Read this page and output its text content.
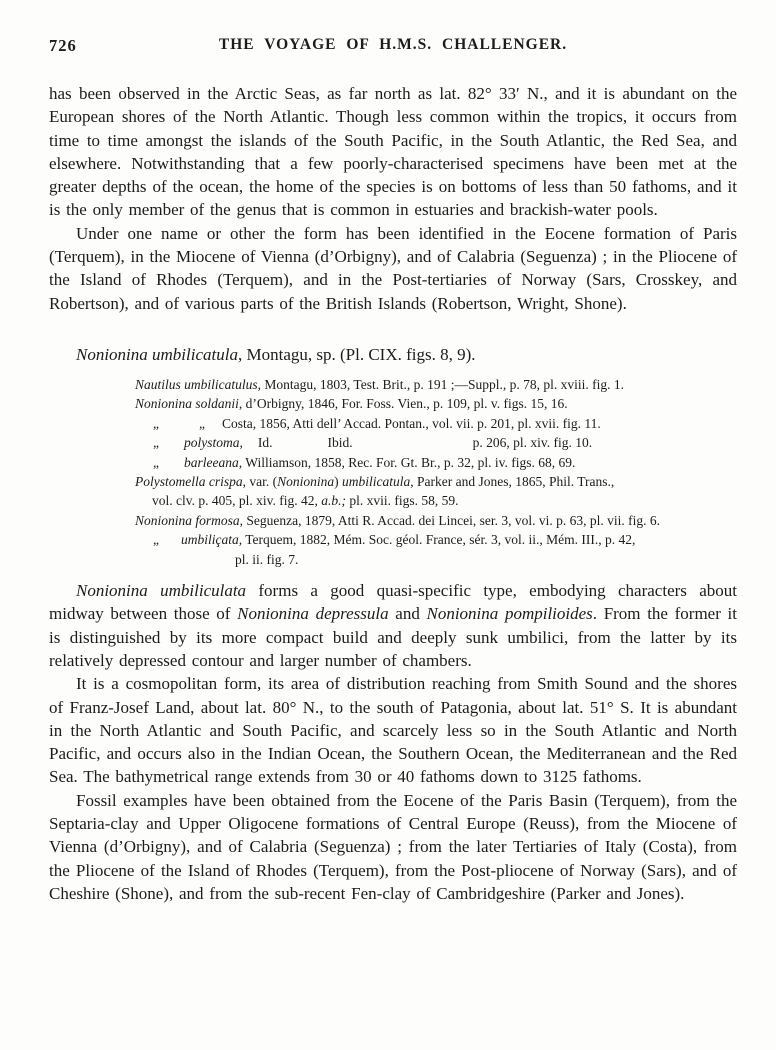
726	THE VOYAGE OF H.M.S. CHALLENGER.

has been observed in the Arctic Seas, as far north as lat. 82° 33′ N., and it is abundant on the European shores of the North Atlantic. Though less common within the tropics, it occurs from time to time amongst the islands of the South Pacific, in the South Atlantic, the Red Sea, and elsewhere. Notwithstanding that a few poorly-characterised specimens have been met at the greater depths of the ocean, the home of the species is on bottoms of less than 50 fathoms, and it is the only member of the genus that is common in estuaries and brackish-water pools.

Under one name or other the form has been identified in the Eocene formation of Paris (Terquem), in the Miocene of Vienna (d’Orbigny), and of Calabria (Seguenza) ; in the Pliocene of the Island of Rhodes (Terquem), and in the Post-tertiaries of Norway (Sars, Crosskey, and Robertson), and of various parts of the British Islands (Robertson, Wright, Shone).

Nonionina umbilicatula, Montagu, sp. (Pl. CIX. figs. 8, 9).
Nautilus umbilicatulus, Montagu, 1803, Test. Brit., p. 191 ;—Suppl., p. 78, pl. xviii. fig. 1.
Nonionina soldanii, d’Orbigny, 1846, For. Foss. Vien., p. 109, pl. v. figs. 15, 16.
„	„ Costa, 1856, Atti dell’ Accad. Pontan., vol. vii. p. 201, pl. xvii. fig. 11.
„ polystoma, Id.	Ibid.	p. 206, pl. xiv. fig. 10.
„ barleeana, Williamson, 1858, Rec. For. Gt. Br., p. 32, pl. iv. figs. 68, 69.
Polystomella crispa, var. (Nonionina) umbilicatula, Parker and Jones, 1865, Phil. Trans.,
vol. clv. p. 405, pl. xiv. fig. 42, a.b.; pl. xvii. figs. 58, 59.
Nonionina formosa, Seguenza, 1879, Atti R. Accad. dei Lincei, ser. 3, vol. vi. p. 63, pl. vii. fig. 6.
„ umbiliçata, Terquem, 1882, Mém. Soc. géol. France, sér. 3, vol. ii., Mém. III., p. 42,
pl. ii. fig. 7.

Nonionina umbiliculata forms a good quasi-specific type, embodying characters about midway between those of Nonionina depressula and Nonionina pompilioides. From the former it is distinguished by its more compact build and deeply sunk umbilici, from the latter by its relatively depressed contour and larger number of chambers.

It is a cosmopolitan form, its area of distribution reaching from Smith Sound and the shores of Franz-Josef Land, about lat. 80° N., to the south of Patagonia, about lat. 51° S. It is abundant in the North Atlantic and South Pacific, and scarcely less so in the South Atlantic and North Pacific, and occurs also in the Indian Ocean, the Southern Ocean, the Mediterranean and the Red Sea. The bathymetrical range extends from 30 or 40 fathoms down to 3125 fathoms.

Fossil examples have been obtained from the Eocene of the Paris Basin (Terquem), from the Septaria-clay and Upper Oligocene formations of Central Europe (Reuss), from the Miocene of Vienna (d’Orbigny), and of Calabria (Seguenza) ; from the later Tertiaries of Italy (Costa), from the Pliocene of the Island of Rhodes (Terquem), from the Post-pliocene of Norway (Sars), and of Cheshire (Shone), and from the sub-recent Fen-clay of Cambridgeshire (Parker and Jones).
